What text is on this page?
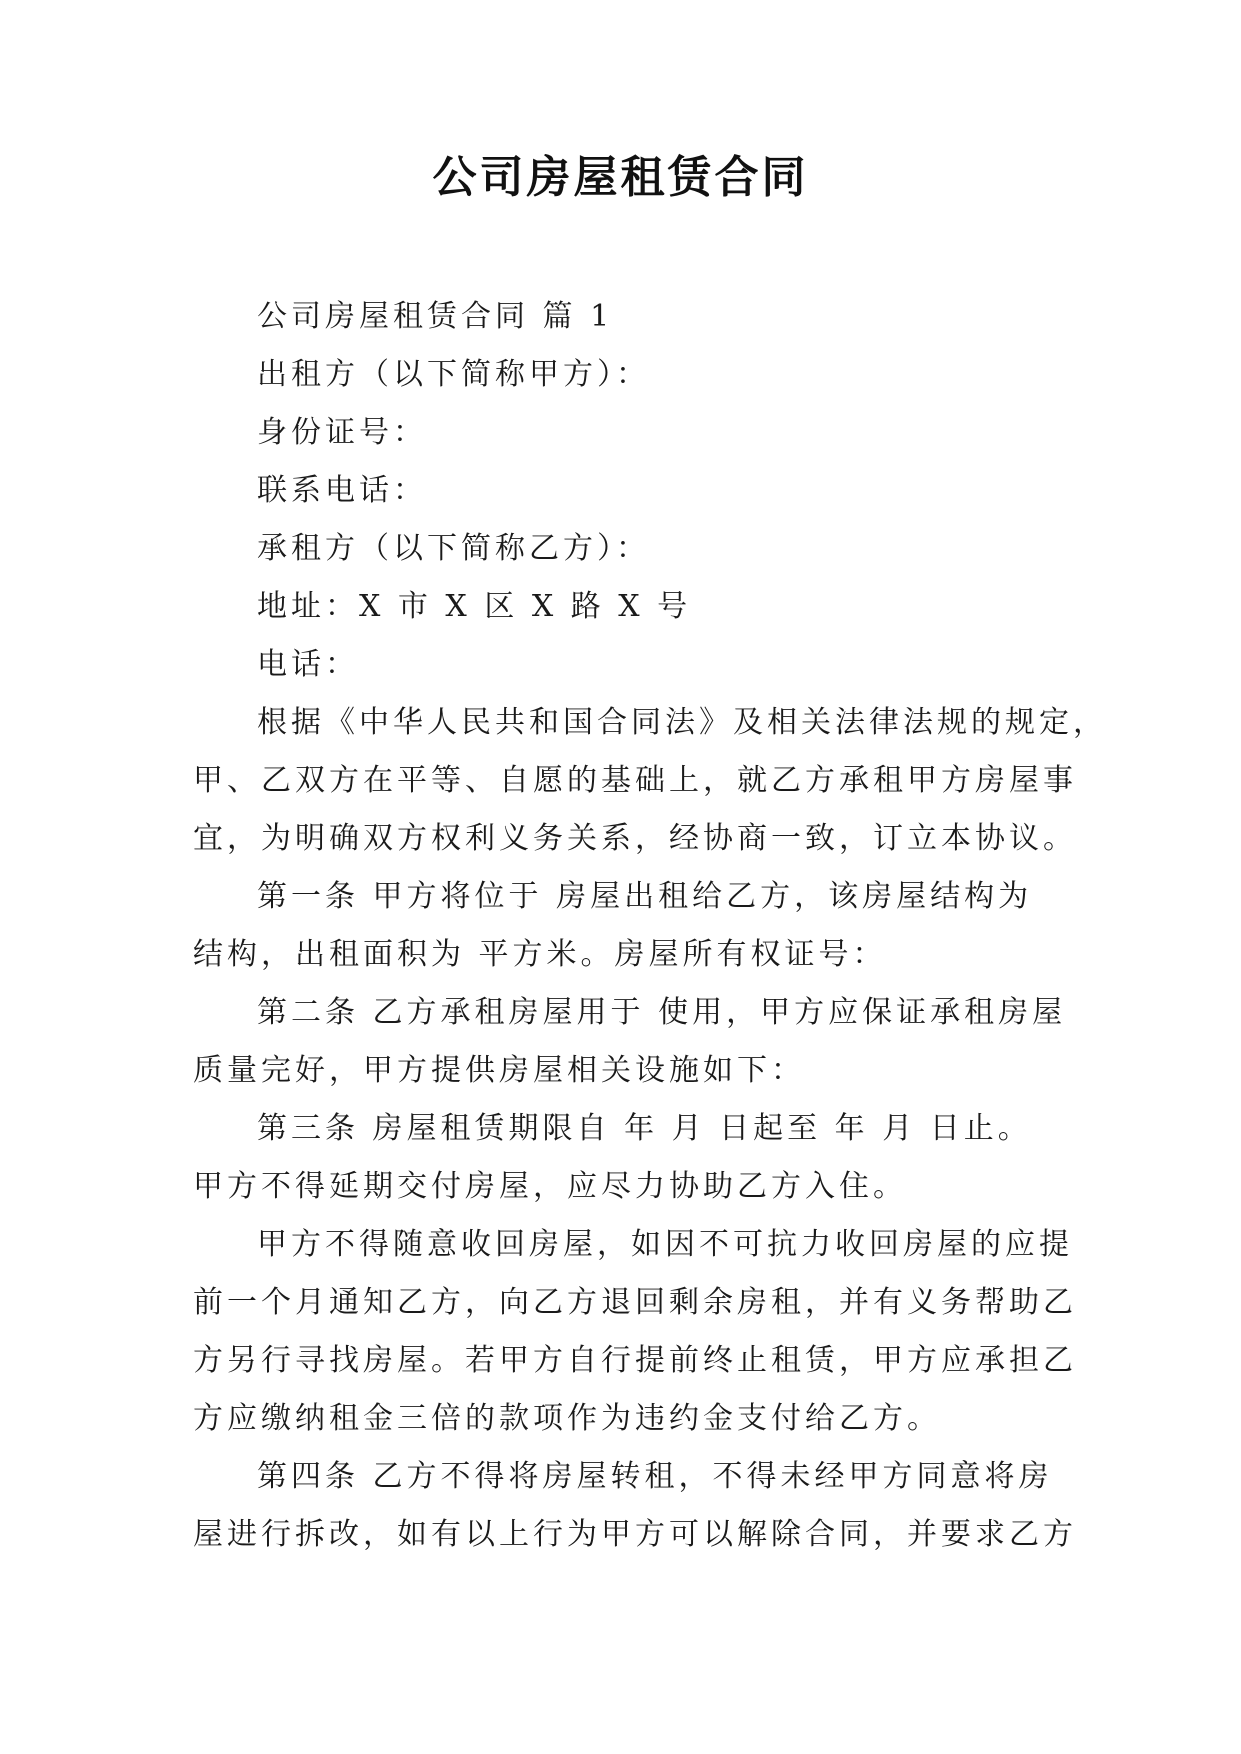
公司房屋租赁合同
公司房屋租赁合同 篇 1
出租方（以下简称甲方）：
身份证号：
联系电话：
承租方（以下简称乙方）：
地址：X 市 X 区 X 路 X 号
电话：
根据《中华人民共和国合同法》及相关法律法规的规定，
甲、乙双方在平等、自愿的基础上，就乙方承租甲方房屋事
宜，为明确双方权利义务关系，经协商一致，订立本协议。
第一条 甲方将位于 房屋出租给乙方，该房屋结构为
结构，出租面积为 平方米。房屋所有权证号：
第二条 乙方承租房屋用于 使用，甲方应保证承租房屋
质量完好，甲方提供房屋相关设施如下：
第三条 房屋租赁期限自 年 月 日起至 年 月 日止。
甲方不得延期交付房屋，应尽力协助乙方入住。
甲方不得随意收回房屋，如因不可抗力收回房屋的应提
前一个月通知乙方，向乙方退回剩余房租，并有义务帮助乙
方另行寻找房屋。若甲方自行提前终止租赁，甲方应承担乙
方应缴纳租金三倍的款项作为违约金支付给乙方。
第四条 乙方不得将房屋转租，不得未经甲方同意将房
屋进行拆改，如有以上行为甲方可以解除合同，并要求乙方
